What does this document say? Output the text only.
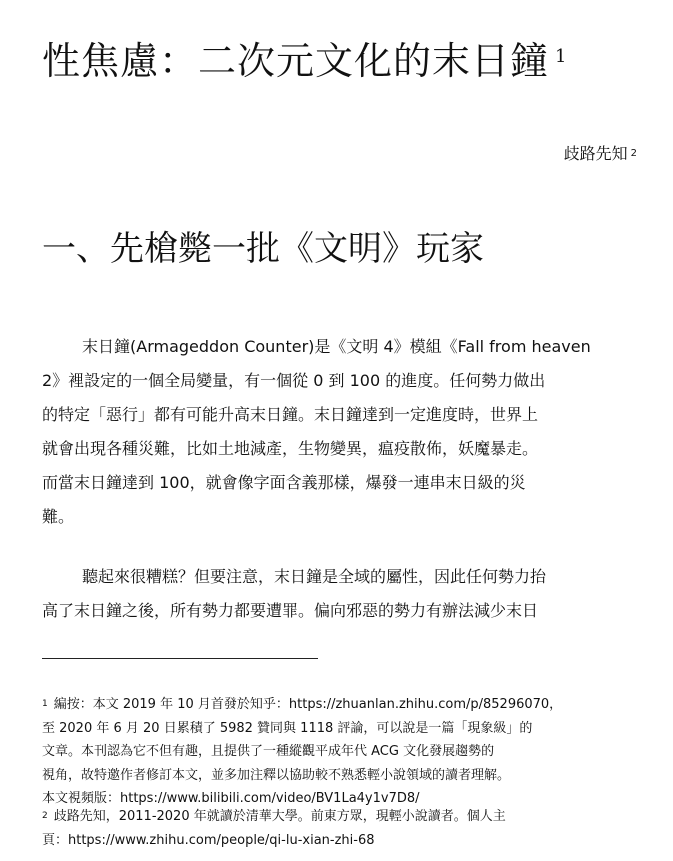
性焦慮：二次元文化的末日鐘 $^1$
歧路先知 $^2$
一、先槍斃一批《文明》玩家
末日鐘(Armageddon Counter)是《文明 4》模組《Fall from heaven
2》裡設定的一個全局變量，有一個從 0 到 100 的進度。任何勢力做出
的特定「惡行」都有可能升高末日鐘。末日鐘達到一定進度時，世界上
就會出現各種災難，比如土地減產，生物變異，瘟疫散佈，妖魔暴走。
而當末日鐘達到 100，就會像字面含義那樣，爆發一連串末日級的災
難。
聽起來很糟糕？但要注意，末日鐘是全域的屬性，因此任何勢力抬
高了末日鐘之後，所有勢力都要遭罪。偏向邪惡的勢力有辦法減少末日
$^1$ 編按：本文 2019 年 10 月首發於知乎：https://zhuanlan.zhihu.com/p/85296070，
至 2020 年 6 月 20 日累積了 5982 贊同與 1118 評論，可以說是一篇「現象級」的
文章。本刊認為它不但有趣，且提供了一種縱觀平成年代 ACG 文化發展趨勢的
視角，故特邀作者修訂本文，並多加注釋以協助較不熟悉輕小說領域的讀者理解。
本文視頻版：https://www.bilibili.com/video/BV1La4y1v7D8/
$^2$ 歧路先知，2011-2020 年就讀於清華大學。前東方眾，現輕小說讀者。個人主
頁：https://www.zhihu.com/people/qi-lu-xian-zhi-68
